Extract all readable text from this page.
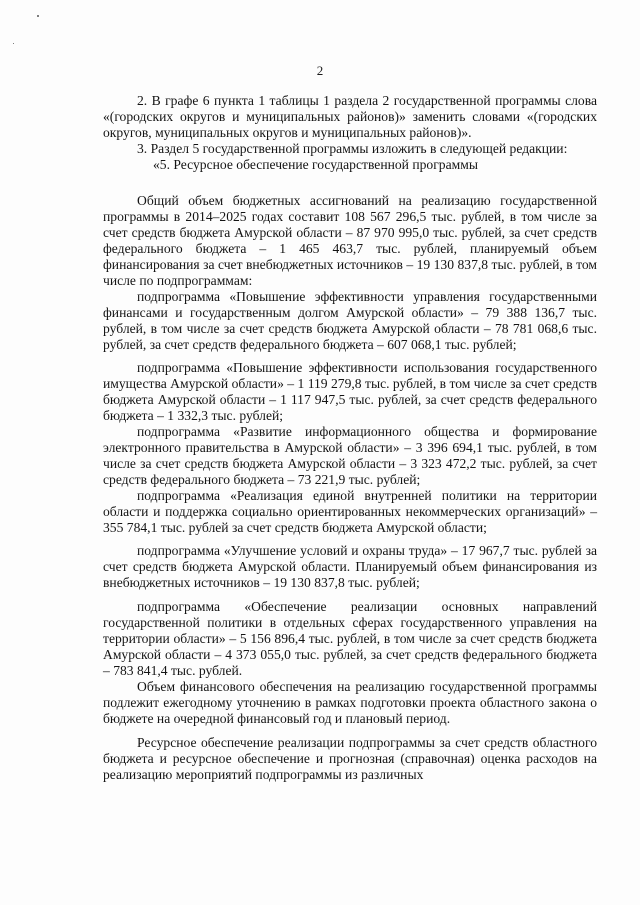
2

2. В графе 6 пункта 1 таблицы 1 раздела 2 государственной программы слова «(городских округов и муниципальных районов)» заменить словами «(городских округов, муниципальных округов и муниципальных районов)».

3. Раздел 5 государственной программы изложить в следующей редакции:

«5. Ресурсное обеспечение государственной программы

Общий объем бюджетных ассигнований на реализацию государственной программы в 2014–2025 годах составит 108 567 296,5 тыс. рублей, в том числе за счет средств бюджета Амурской области – 87 970 995,0 тыс. рублей, за счет средств федерального бюджета – 1 465 463,7 тыс. рублей, планируемый объем финансирования за счет внебюджетных источников – 19 130 837,8 тыс. рублей, в том числе по подпрограммам:

подпрограмма «Повышение эффективности управления государственными финансами и государственным долгом Амурской области» – 79 388 136,7 тыс. рублей, в том числе за счет средств бюджета Амурской области – 78 781 068,6 тыс. рублей, за счет средств федерального бюджета – 607 068,1 тыс. рублей;

подпрограмма «Повышение эффективности использования государственного имущества Амурской области» – 1 119 279,8 тыс. рублей, в том числе за счет средств бюджета Амурской области – 1 117 947,5 тыс. рублей, за счет средств федерального бюджета – 1 332,3 тыс. рублей;

подпрограмма «Развитие информационного общества и формирование электронного правительства в Амурской области» – 3 396 694,1 тыс. рублей, в том числе за счет средств бюджета Амурской области – 3 323 472,2 тыс. рублей, за счет средств федерального бюджета – 73 221,9 тыс. рублей;

подпрограмма «Реализация единой внутренней политики на территории области и поддержка социально ориентированных некоммерческих организаций» – 355 784,1 тыс. рублей за счет средств бюджета Амурской области;

подпрограмма «Улучшение условий и охраны труда» – 17 967,7 тыс. рублей за счет средств бюджета Амурской области. Планируемый объем финансирования из внебюджетных источников – 19 130 837,8 тыс. рублей;

подпрограмма «Обеспечение реализации основных направлений государственной политики в отдельных сферах государственного управления на территории области» – 5 156 896,4 тыс. рублей, в том числе за счет средств бюджета Амурской области – 4 373 055,0 тыс. рублей, за счет средств федерального бюджета – 783 841,4 тыс. рублей.

Объем финансового обеспечения на реализацию государственной программы подлежит ежегодному уточнению в рамках подготовки проекта областного закона о бюджете на очередной финансовый год и плановый период.

Ресурсное обеспечение реализации подпрограммы за счет средств областного бюджета и ресурсное обеспечение и прогнозная (справочная) оценка расходов на реализацию мероприятий подпрограммы из различных
